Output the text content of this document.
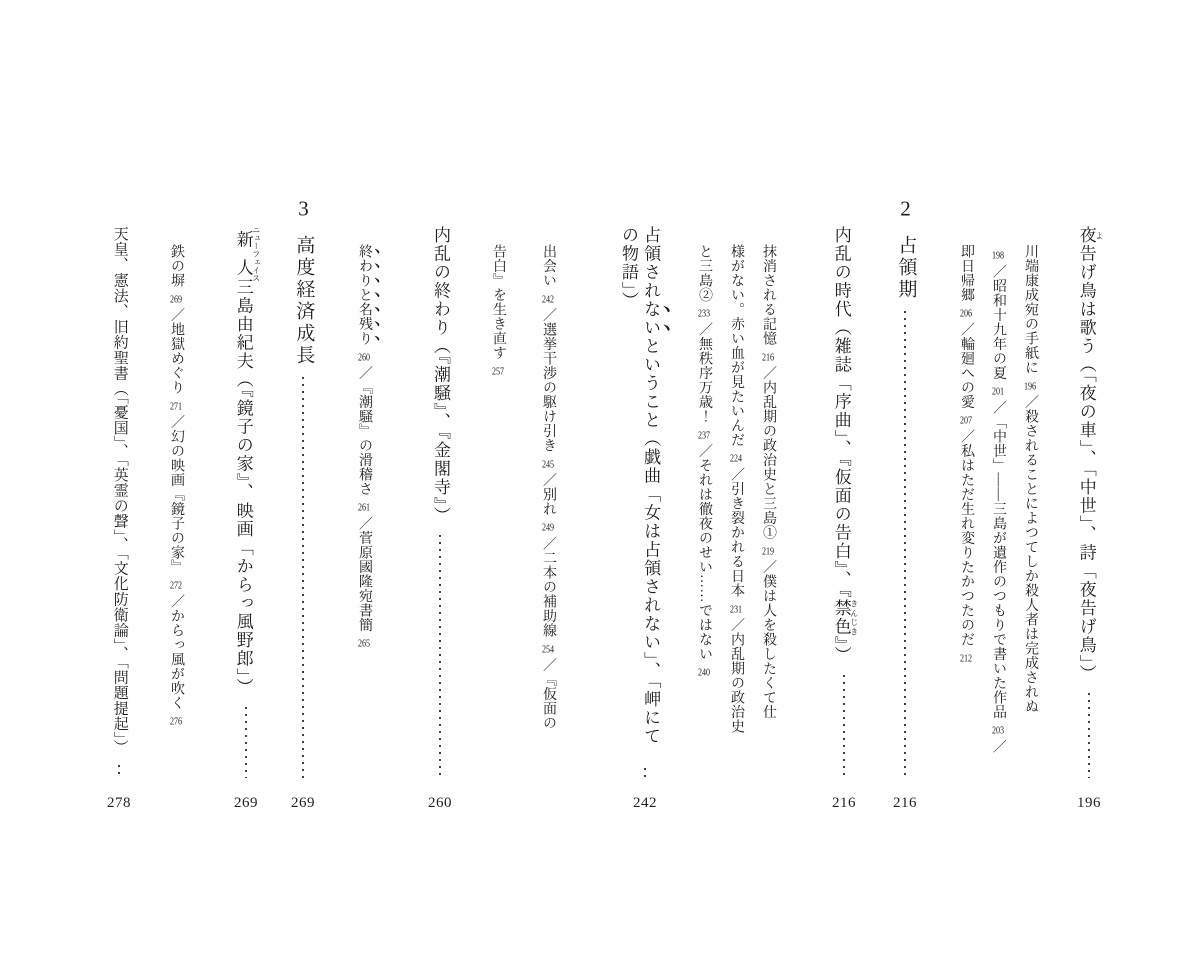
夜 よ告げ鳥は歌う（「夜の車」、「中世」、詩「夜告げ鳥」）
196
川端康成宛の手紙に196／殺されることによつてしか殺人者は完成されぬ
198／昭和十九年の夏201／「中世」――三島が遺作のつもりで書いた作品203／
即日帰郷206／輪廻への愛207／私はただ生れ変りたかつたのだ212
2
占領期
216
内乱の時代（雑誌「序曲」、『仮面の告白』、『禁色 きんじき』）
216
抹消される記憶216／内乱期の政治史と三島①219／僕は人を殺したくて仕
様がない。赤い血が見たいんだ224／引き裂かれる日本231／内乱期の政治史
と三島②233／無秩序万歳！237／それは徹夜のせい……ではない240
占領されないということ（戯曲「女は占領されない」、「岬にての物語」）
242
出会い242／選挙干渉の駆け引き245／別れ249／二本の補助線254／『仮面の
告白』を生き直す257
内乱の終わり（『潮騒』、『金閣寺』）
260
終わりと名残り260／『潮騒』の滑稽さ261／菅原國隆宛書簡265
3
高度経済成長
269
新人 ニューフェイス三島由紀夫（『鏡子の家』、映画「からっ風野郎」）
269
鉄の塀269／地獄めぐり271／幻の映画『鏡子の家』272／からっ風が吹く276
天皇、憲法、旧約聖書（「憂国」、「英霊の聲」、「文化防衛論」、「問題提起」）
278
